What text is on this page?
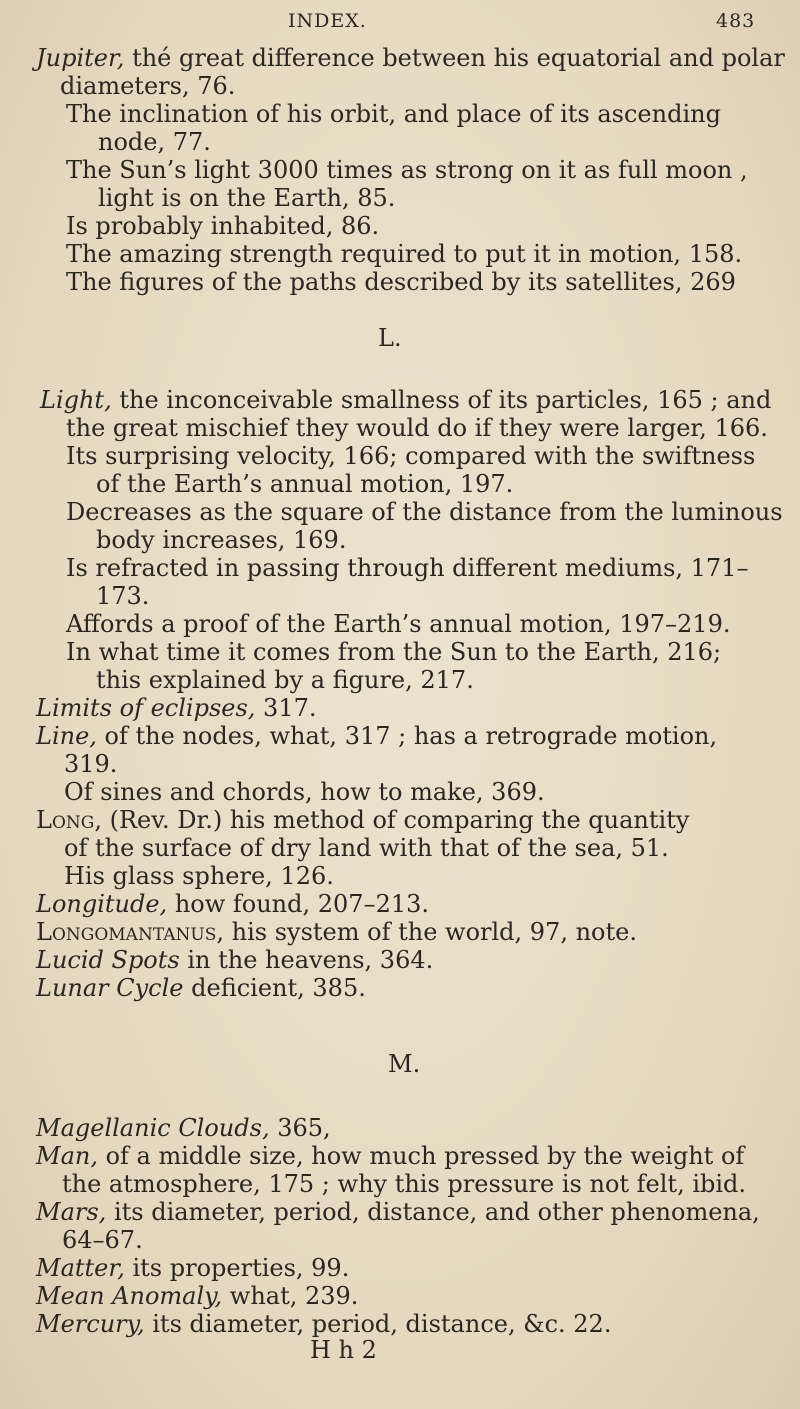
INDEX.	483
Jupiter, thé great difference between his equatorial and polar
diameters, 76.
The inclination of his orbit, and place of its ascending
node, 77.
The Sun’s light 3000 times as strong on it as full moon ,
light is on the Earth, 85.
Is probably inhabited, 86.
The amazing strength required to put it in motion, 158.
The figures of the paths described by its satellites, 269
L.
Light, the inconceivable smallness of its particles, 165 ; and
the great mischief they would do if they were larger, 166.
Its surprising velocity, 166; compared with the swiftness
of the Earth’s annual motion, 197.
Decreases as the square of the distance from the luminous
body increases, 169.
Is refracted in passing through different mediums, 171–
173.
Affords a proof of the Earth’s annual motion, 197–219.
In what time it comes from the Sun to the Earth, 216;
this explained by a figure, 217.
Limits of eclipses, 317.
Line, of the nodes, what, 317 ; has a retrograde motion,
319.
Of sines and chords, how to make, 369.
Long, (Rev. Dr.) his method of comparing the quantity
of the surface of dry land with that of the sea, 51.
His glass sphere, 126.
Longitude, how found, 207–213.
Longomantanus, his system of the world, 97, note.
Lucid Spots in the heavens, 364.
Lunar Cycle deficient, 385.
M.
Magellanic Clouds, 365,
Man, of a middle size, how much pressed by the weight of
the atmosphere, 175 ; why this pressure is not felt, ibid.
Mars, its diameter, period, distance, and other phenomena,
64–67.
Matter, its properties, 99.
Mean Anomaly, what, 239.
Mercury, its diameter, period, distance, &c. 22.
H h 2
